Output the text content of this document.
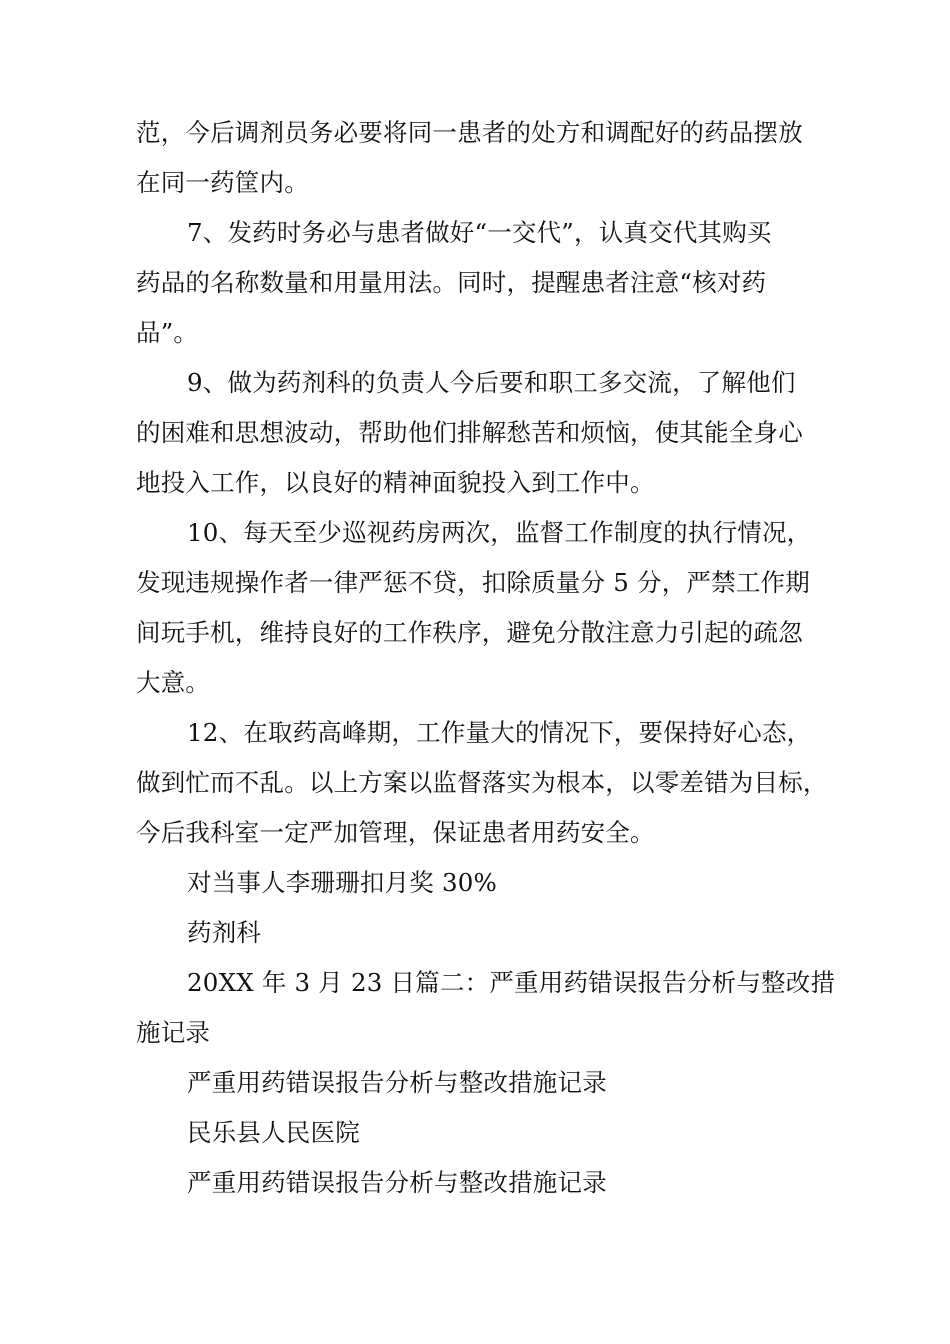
范，今后调剂员务必要将同一患者的处方和调配好的药品摆放
在同一药筐内。
7、发药时务必与患者做好“一交代”，认真交代其购买
药品的名称数量和用量用法。同时，提醒患者注意“核对药
品”。
9、做为药剂科的负责人今后要和职工多交流，了解他们
的困难和思想波动，帮助他们排解愁苦和烦恼，使其能全身心
地投入工作，以良好的精神面貌投入到工作中。
10、每天至少巡视药房两次，监督工作制度的执行情况，
发现违规操作者一律严惩不贷，扣除质量分 5 分，严禁工作期
间玩手机，维持良好的工作秩序，避免分散注意力引起的疏忽
大意。
12、在取药高峰期，工作量大的情况下，要保持好心态，
做到忙而不乱。以上方案以监督落实为根本，以零差错为目标，
今后我科室一定严加管理，保证患者用药安全。
对当事人李珊珊扣月奖 30%
药剂科
20XX 年 3 月 23 日篇二：严重用药错误报告分析与整改措
施记录
严重用药错误报告分析与整改措施记录
民乐县人民医院
严重用药错误报告分析与整改措施记录
